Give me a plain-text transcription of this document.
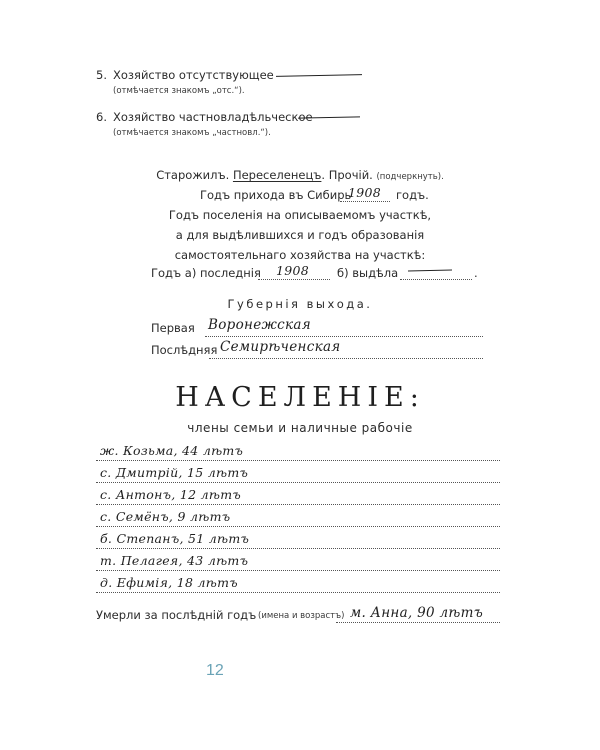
5. Хозяйство отсутствующее
(отмѣчается знакомъ „отс.“).
6. Хозяйство частновладѣльческое
(отмѣчается знакомъ „частновл.“).
Старожилъ. Переселенецъ. Прочiй. (подчеркнуть).
Годъ прихода въ Сибирь
1908 годъ.
Годъ поселенiя на описываемомъ участкѣ,
а для выдѣлившихся и годъ образованiя
самостоятельнаго хозяйства на участкѣ:
Годъ а) последнiя 1908 б) выдѣла	.
Губернiя выхода.
Первая Воронежская
Послѣдняя Семирѣченская
НАСЕЛЕНIЕ:
члены семьи и наличные рабочiе
ж. Козьма, 44 лѣтъ
с. Дмитрiй, 15 лѣтъ
с. Антонъ, 12 лѣтъ
с. Семёнъ, 9 лѣтъ
б. Степанъ, 51 лѣтъ
т. Пелагея, 43 лѣтъ
д. Ефимiя, 18 лѣтъ
Умерли за послѣднiй годъ (имена и возрастъ) м. Анна, 90 лѣтъ
12
